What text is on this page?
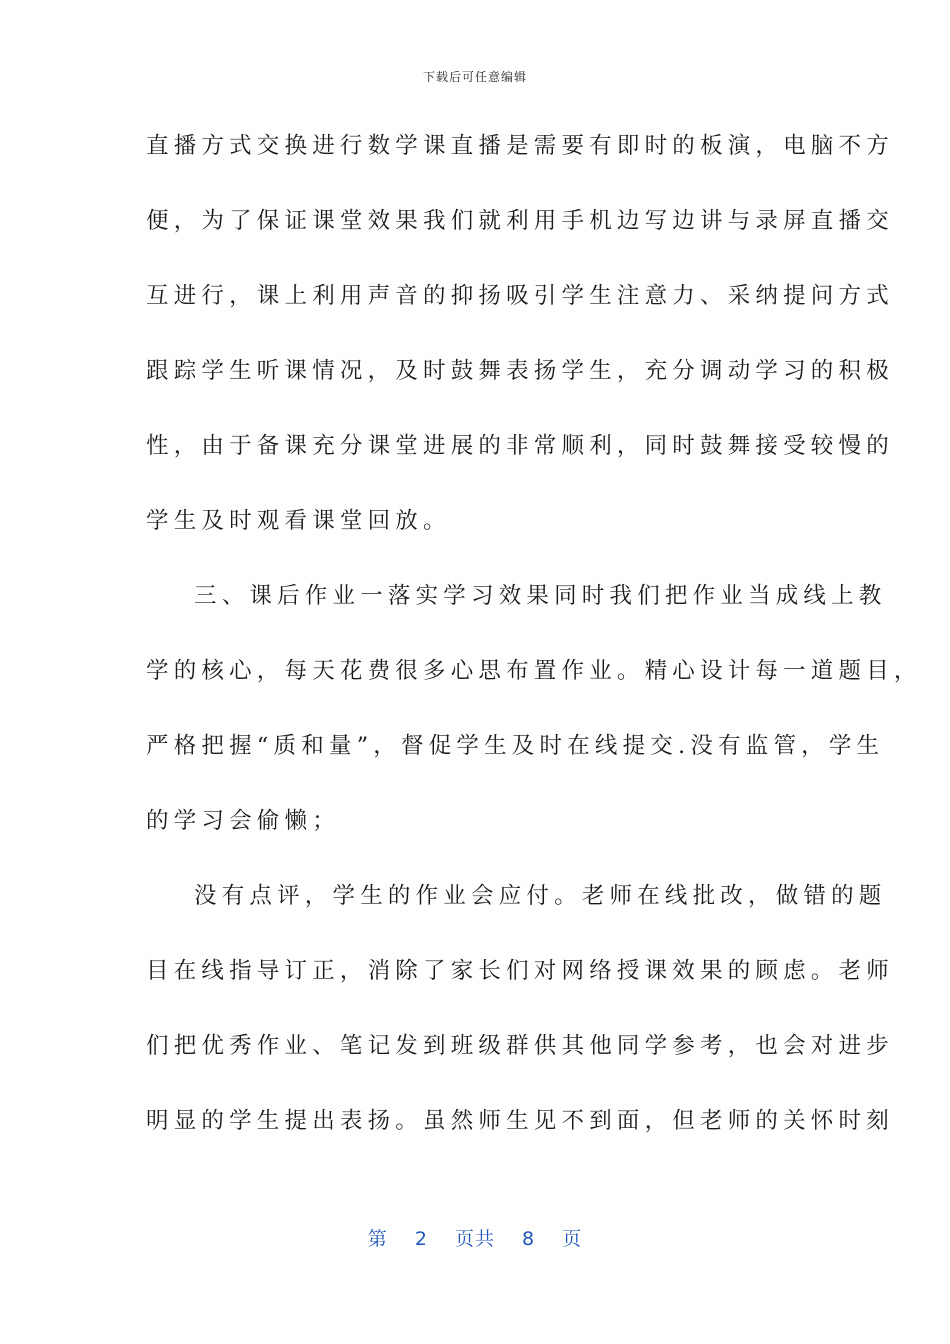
下载后可任意编辑
直播方式交换进行数学课直播是需要有即时的板演，电脑不方
便，为了保证课堂效果我们就利用手机边写边讲与录屏直播交
互进行，课上利用声音的抑扬吸引学生注意力、采纳提问方式
跟踪学生听课情况，及时鼓舞表扬学生，充分调动学习的积极
性，由于备课充分课堂进展的非常顺利，同时鼓舞接受较慢的
学生及时观看课堂回放。
三、课后作业一落实学习效果同时我们把作业当成线上教
学的核心，每天花费很多心思布置作业。精心设计每一道题目，
严格把握“质和量”，督促学生及时在线提交.没有监管，学生
的学习会偷懒；
没有点评，学生的作业会应付。老师在线批改，做错的题
目在线指导订正，消除了家长们对网络授课效果的顾虑。老师
们把优秀作业、笔记发到班级群供其他同学参考，也会对进步
明显的学生提出表扬。虽然师生见不到面，但老师的关怀时刻
第 2 页共 8 页
